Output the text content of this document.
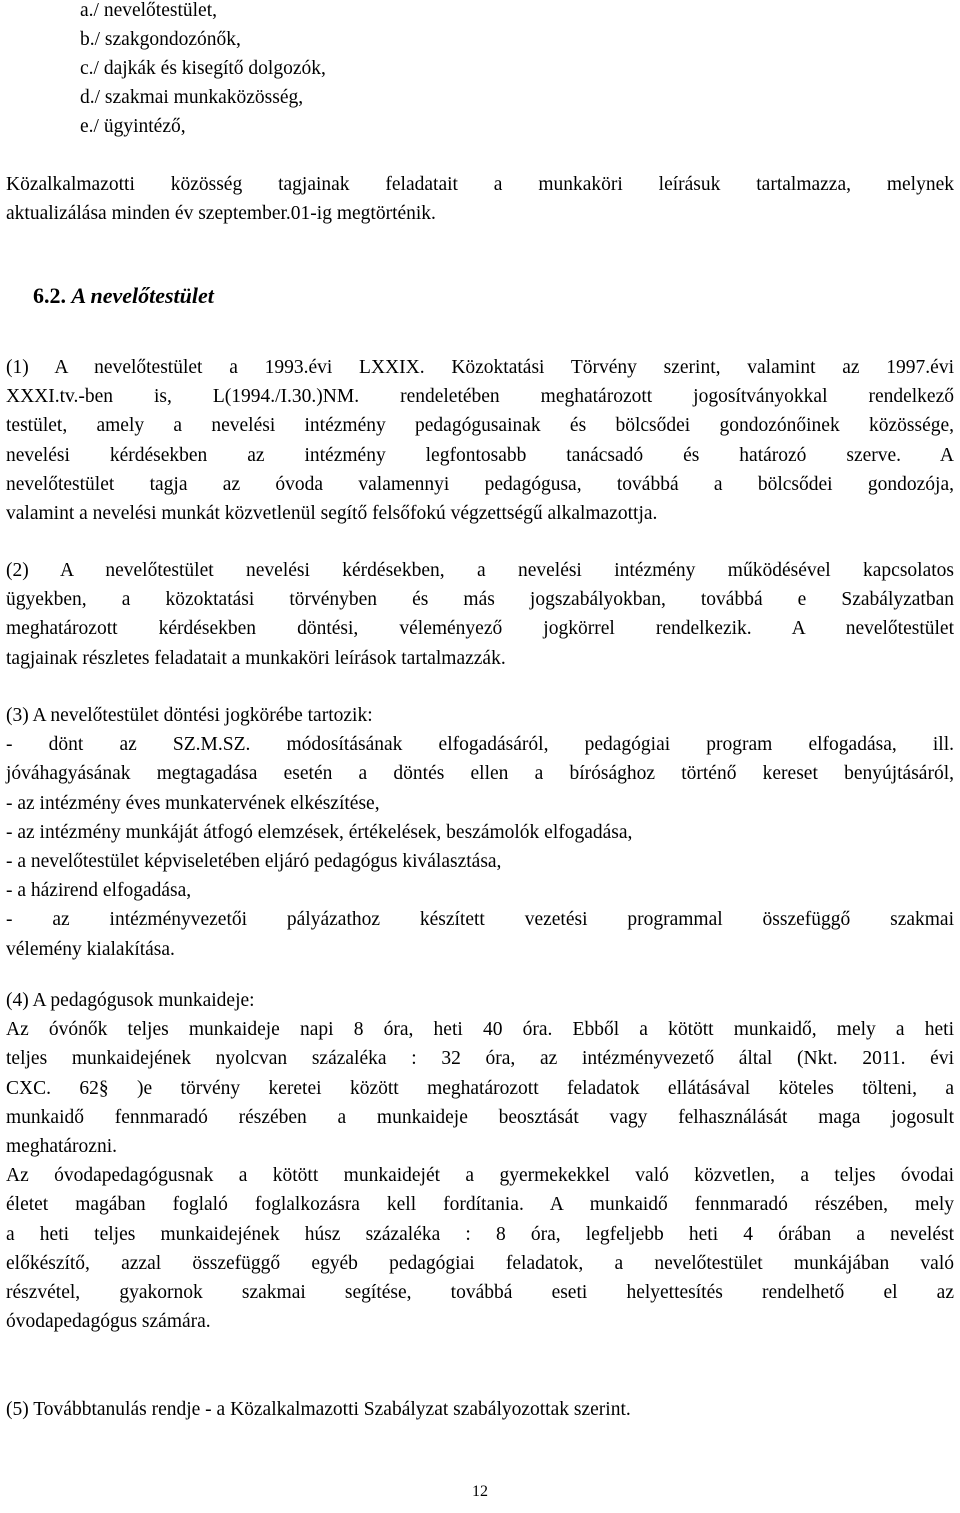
a./ nevelőtestület,
b./ szakgondozónők,
c./ dajkák és kisegítő dolgozók,
d./ szakmai munkaközösség,
e./ ügyintéző,
Közalkalmazotti közösség tagjainak feladatait a munkaköri leírásuk tartalmazza, melynek
aktualizálása minden év szeptember.01-ig megtörténik.
6.2. A nevelőtestület
(1) A nevelőtestület a 1993.évi LXXIX. Közoktatási Törvény szerint, valamint az 1997.évi
XXXI.tv.-ben is, L(1994./I.30.)NM. rendeletében meghatározott jogosítványokkal rendelkező
testület, amely a nevelési intézmény pedagógusainak és bölcsődei gondozónőinek közössége,
nevelési kérdésekben az intézmény legfontosabb tanácsadó és határozó szerve. A
nevelőtestület tagja az óvoda valamennyi pedagógusa, továbbá a bölcsődei gondozója,
valamint a nevelési munkát közvetlenül segítő felsőfokú végzettségű alkalmazottja.
(2) A nevelőtestület nevelési kérdésekben, a nevelési intézmény működésével kapcsolatos
ügyekben, a közoktatási törvényben és más jogszabályokban, továbbá e Szabályzatban
meghatározott kérdésekben döntési, véleményező jogkörrel rendelkezik. A nevelőtestület
tagjainak részletes feladatait a munkaköri leírások tartalmazzák.
(3) A nevelőtestület döntési jogkörébe tartozik:
- dönt az SZ.M.SZ. módosításának elfogadásáról, pedagógiai program elfogadása, ill.
jóváhagyásának megtagadása esetén a döntés ellen a bírósághoz történő kereset benyújtásáról,
- az intézmény éves munkatervének elkészítése,
- az intézmény munkáját átfogó elemzések, értékelések, beszámolók elfogadása,
- a nevelőtestület képviseletében eljáró pedagógus kiválasztása,
- a házirend elfogadása,
- az intézményvezetői pályázathoz készített vezetési programmal összefüggő szakmai
vélemény kialakítása.
(4) A pedagógusok munkaideje:
Az óvónők teljes munkaideje napi 8 óra, heti 40 óra. Ebből a kötött munkaidő, mely a heti
teljes munkaidejének nyolcvan százaléka : 32 óra, az intézményvezető által (Nkt. 2011. évi
CXC. 62§ )e törvény keretei között meghatározott feladatok ellátásával köteles tölteni, a
munkaidő fennmaradó részében a munkaideje beosztását vagy felhasználását maga jogosult
meghatározni.
Az óvodapedagógusnak a kötött munkaidejét a gyermekekkel való közvetlen, a teljes óvodai
életet magában foglaló foglalkozásra kell fordítania. A munkaidő fennmaradó részében, mely
a heti teljes munkaidejének húsz százaléka : 8 óra, legfeljebb heti 4 órában a nevelést
előkészítő, azzal összefüggő egyéb pedagógiai feladatok, a nevelőtestület munkájában való
részvétel, gyakornok szakmai segítése, továbbá eseti helyettesítés rendelhető el az
óvodapedagógus számára.
(5) Továbbtanulás rendje - a Közalkalmazotti Szabályzat szabályozottak szerint.
12
